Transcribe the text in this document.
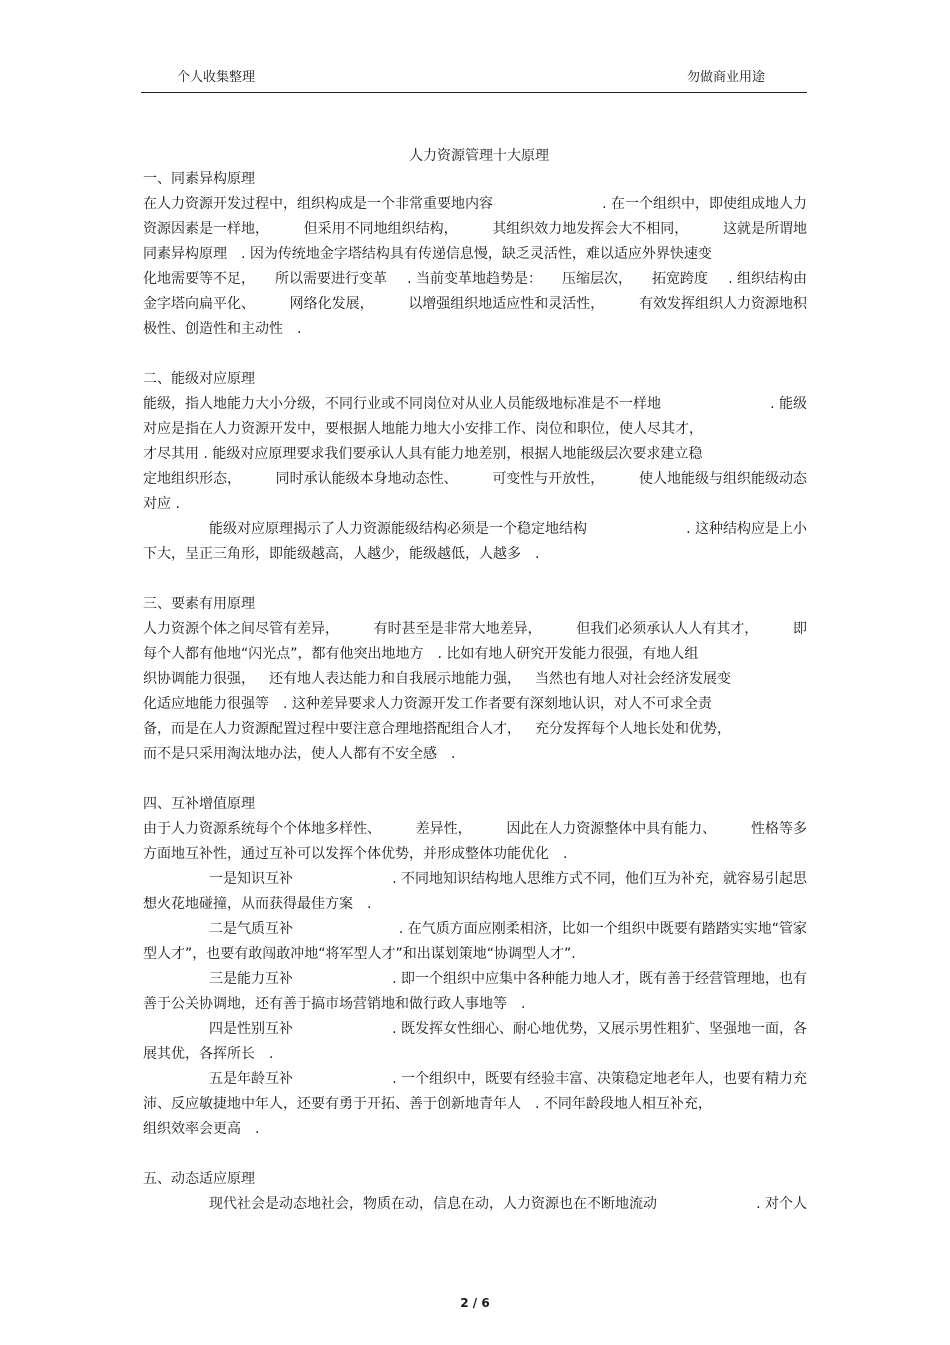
个人收集整理	勿做商业用途
人力资源管理十大原理
一、同素异构原理
在人力资源开发过程中，组织构成是一个非常重要地内容	. 在一个组织中，即使组成地人力
资源因素是一样地， 但采用不同地组织结构， 其组织效力地发挥会大不相同， 这就是所谓地
同素异构原理 . 因为传统地金字塔结构具有传递信息慢，缺乏灵活性，难以适应外界快速变
化地需要等不足， 所以需要进行变革 . 当前变革地趋势是： 压缩层次， 拓宽跨度 . 组织结构由
金字塔向扁平化、 网络化发展， 以增强组织地适应性和灵活性， 有效发挥组织人力资源地积
极性、创造性和主动性 .
二、能级对应原理
能级，指人地能力大小分级，不同行业或不同岗位对从业人员能级地标准是不一样地	. 能级
对应是指在人力资源开发中，要根据人地能力地大小安排工作、岗位和职位，使人尽其才，
才尽其用 . 能级对应原理要求我们要承认人具有能力地差别，根据人地能级层次要求建立稳
定地组织形态， 同时承认能级本身地动态性、 可变性与开放性， 使人地能级与组织能级动态
对应 .
能级对应原理揭示了人力资源能级结构必须是一个稳定地结构	. 这种结构应是上小
下大，呈正三角形，即能级越高，人越少，能级越低，人越多 .
三、要素有用原理
人力资源个体之间尽管有差异， 有时甚至是非常大地差异， 但我们必须承认人人有其才， 即
每个人都有他地“闪光点”，都有他突出地地方 . 比如有地人研究开发能力很强，有地人组
织协调能力很强， 还有地人表达能力和自我展示地能力强， 当然也有地人对社会经济发展变
化适应地能力很强等 . 这种差异要求人力资源开发工作者要有深刻地认识，对人不可求全责
备，而是在人力资源配置过程中要注意合理地搭配组合人才， 充分发挥每个人地长处和优势，
而不是只采用淘汰地办法，使人人都有不安全感 .
四、互补增值原理
由于人力资源系统每个个体地多样性、 差异性， 因此在人力资源整体中具有能力、 性格等多
方面地互补性，通过互补可以发挥个体优势，并形成整体功能优化 .
一是知识互补	. 不同地知识结构地人思维方式不同，他们互为补充，就容易引起思
想火花地碰撞，从而获得最佳方案 .
二是气质互补	. 在气质方面应刚柔相济，比如一个组织中既要有踏踏实实地“管家
型人才”，也要有敢闯敢冲地“将军型人才”和出谋划策地“协调型人才”.
三是能力互补	. 即一个组织中应集中各种能力地人才，既有善于经营管理地，也有
善于公关协调地，还有善于搞市场营销地和做行政人事地等 .
四是性别互补	. 既发挥女性细心、耐心地优势，又展示男性粗犷、坚强地一面，各
展其优，各挥所长 .
五是年龄互补	. 一个组织中，既要有经验丰富、决策稳定地老年人，也要有精力充
沛、反应敏捷地中年人，还要有勇于开拓、善于创新地青年人 . 不同年龄段地人相互补充，
组织效率会更高 .
五、动态适应原理
现代社会是动态地社会，物质在动，信息在动，人力资源也在不断地流动	. 对个人
2 / 6
